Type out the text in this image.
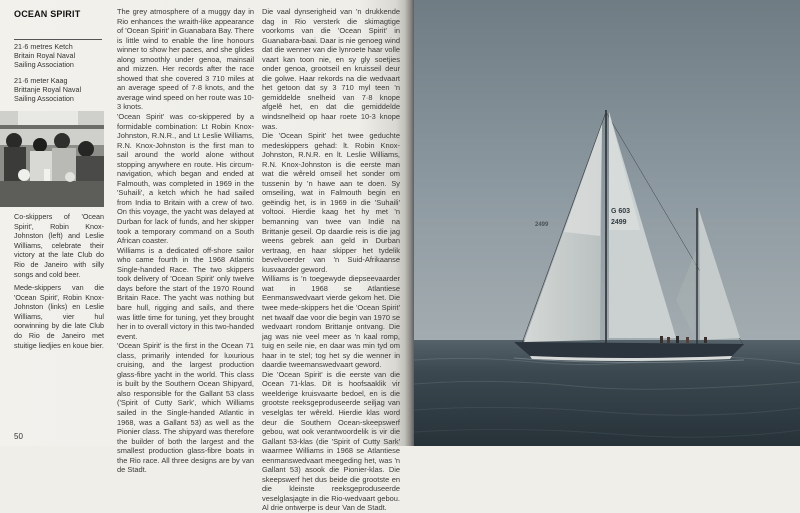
OCEAN SPIRIT
21·6 metres Ketch
Britain Royal Naval
Sailing Association
21·6 meter Kaag
Brittanje Royal Naval
Sailing Association
Co-skippers of 'Ocean Spirit', Robin Knox-Johnston (left) and Leslie Williams, celebrate their victory at the late Club do Rio de Janeiro with silly songs and cold beer.
Mede-skippers van die 'Ocean Spirit', Robin Knox-Johnston (links) en Leslie Williams, vier hul oorwinning by die late Club do Rio de Janeiro met stuitige liedjies en koue bier.

The grey atmosphere of a muggy day in Rio enhances the wraith-like appearance of 'Ocean Spirit' in Guanabara Bay. There is little wind to enable the line honours winner to show her paces, and she glides along smoothly under genoa, mainsail and mizzen. Her records after the race showed that she covered 3 710 miles at an average speed of 7·8 knots, and the average wind speed on her route was 10-3 knots.

'Ocean Spirit' was co-skippered by a formidable combination: Lt Robin Knox-Johnston, R.N.R., and Lt Leslie Williams, R.N. Knox-Johnston is the first man to sail around the world alone without stopping anywhere en route. His circum-navigation, which began and ended at Falmouth, was completed in 1969 in the 'Suhaili', a ketch which he had sailed from India to Britain with a crew of two. On this voyage, the yacht was delayed at Durban for lack of funds, and her skipper took a temporary command on a South African coaster.

Williams is a dedicated off-shore sailor who came fourth in the 1968 Atlantic Single-handed Race. The two skippers took delivery of 'Ocean Spirit' only twelve days before the start of the 1970 Round Britain Race. The yacht was nothing but bare hull, rigging and sails, and there was little time for tuning, yet they brought her in to overall victory in this two-handed event.

'Ocean Spirit' is the first in the Ocean 71 class, primarily intended for luxurious cruising, and the largest production glass-fibre yacht in the world. This class is built by the Southern Ocean Shipyard, also responsible for the Gallant 53 class ('Spirit of Cutty Sark', which Williams sailed in the Single-handed Atlantic in 1968, was a Gallant 53) as well as the Pionier class. The shipyard was therefore the builder of both the largest and the smallest production glass-fibre boats in the Rio race. All three designs are by van de Stadt.

Die vaal dynserigheid van 'n drukkende dag in Rio versterk die skimagtige voorkoms van die 'Ocean Spirit' in Guanabara-baai. Daar is nie genoeg wind dat die wenner van die lynroete haar volle vaart kan toon nie, en sy gly soetjies onder genoa, grootseil en kruisseil deur die golwe. Haar rekords na die wedvaart het getoon dat sy 3 710 myl teen 'n gemiddelde snelheid van 7·8 knope afgelê het, en dat die gemiddelde windsnelheid op haar roete 10-3 knope was.

Die 'Ocean Spirit' het twee geduchte medeskippers gehad: lt. Robin Knox-Johnston, R.N.R. en lt. Leslie Williams, R.N. Knox-Johnston is die eerste man wat die wêreld omseil het sonder om tussenin by 'n hawe aan te doen. Sy omseiling, wat in Falmouth begin en geëindig het, is in 1969 in die 'Suhaili' voltooi. Hierdie kaag het hy met 'n bemanning van twee van Indië na Brittanje geseil. Op daardie reis is die jag weens gebrek aan geld in Durban vertraag, en haar skipper het tydelik bevelvoerder van 'n Suid-Afrikaanse kusvaarder geword.

Williams is 'n toegewyde diepseevaarder wat in 1968 se Atlantiese Eenmanswedvaart vierde gekom het. Die twee mede-skippers het die 'Ocean Spirit' net twaalf dae voor die begin van 1970 se wedvaart rondom Brittanje ontvang. Die jag was nie veel meer as 'n kaal romp, tuig en seile nie, en daar was min tyd om haar in te stel; tog het sy die wenner in daardie tweemanswedvaart geword.

Die 'Ocean Spirit' is die eerste van die Ocean 71-klas. Dit is hoofsaaklik vir weelderige kruisvaarte bedoel, en is die grootste reeksgeproduseerde seiljag van veselglas ter wêreld. Hierdie klas word deur die Southern Ocean-skeepswerf gebou, wat ook verantwoordelik is vir die Gallant 53-klas (die 'Spirit of Cutty Sark' waarmee Williams in 1968 se Atlantiese eenmanswedvaart meegeding het, was 'n Gallant 53) asook die Pionier-klas. Die skeepswerf het dus beide die grootste en die kleinste reeksgeproduseerde veselglasjagte in die Rio-wedvaart gebou. Al drie ontwerpe is deur Van de Stadt.

50
G 603
2499
2499
